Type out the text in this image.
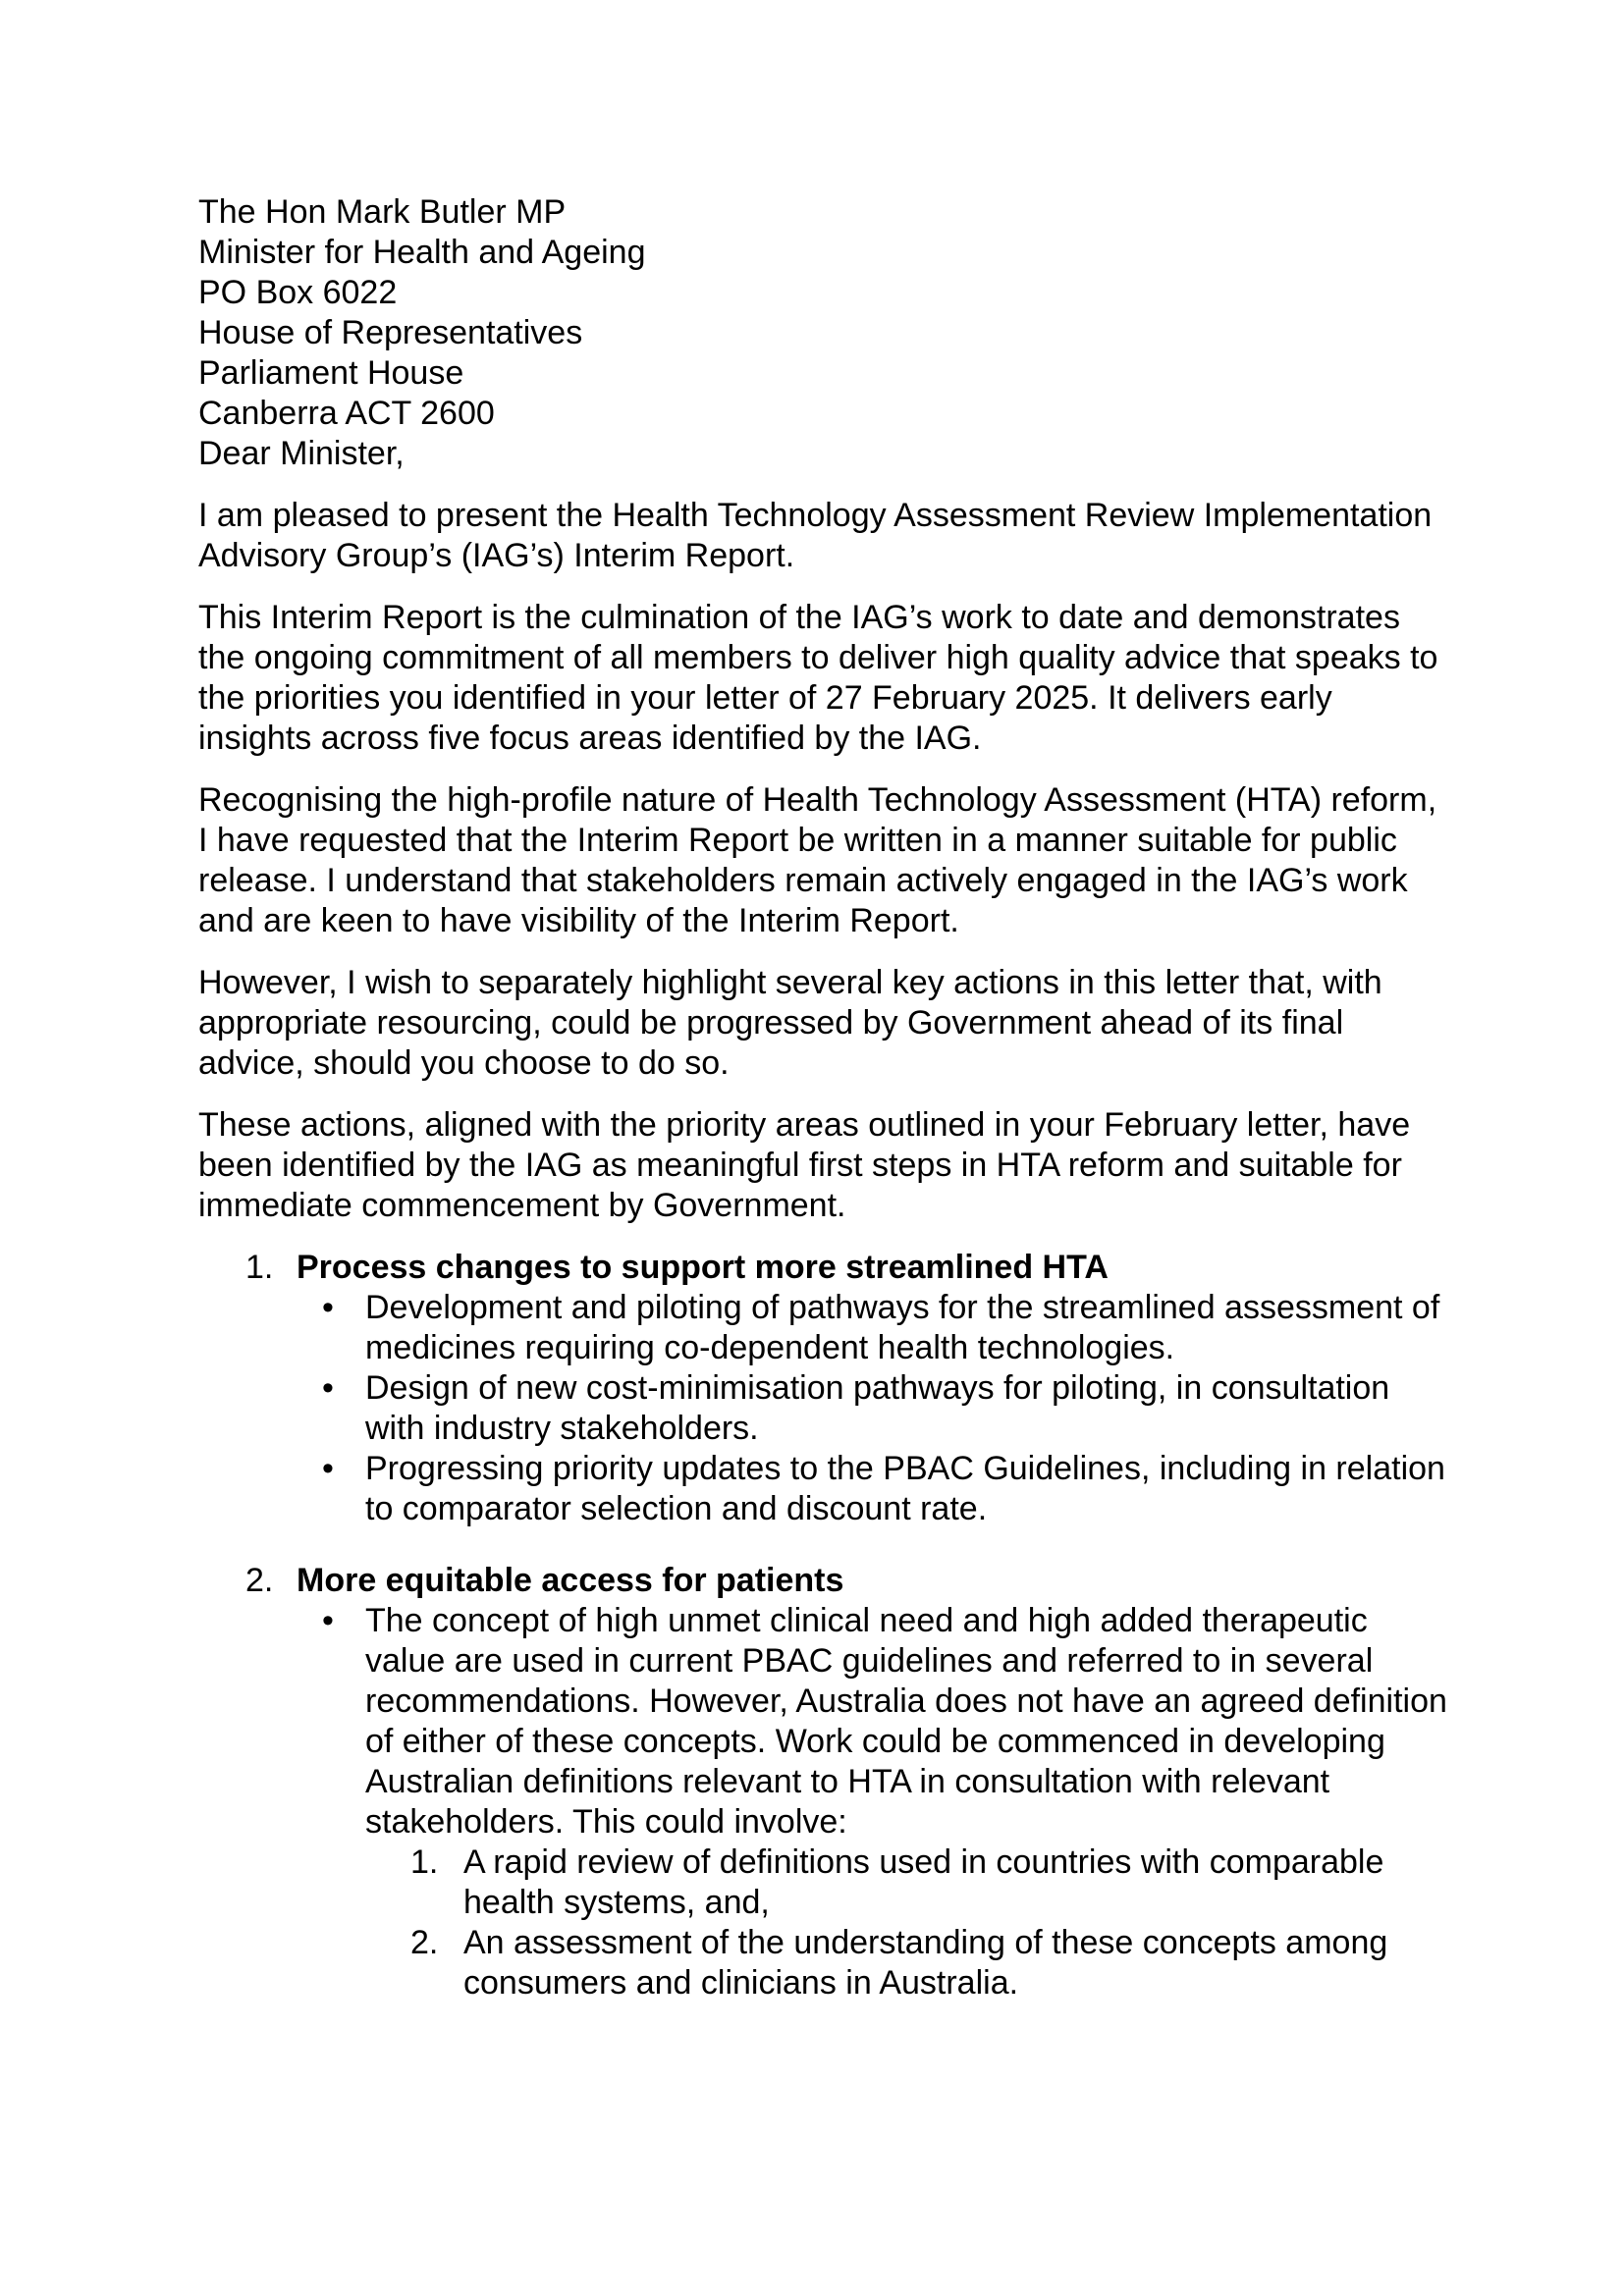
The Hon Mark Butler MP
Minister for Health and Ageing
PO Box 6022
House of Representatives
Parliament House
Canberra ACT 2600

Dear Minister,

I am pleased to present the Health Technology Assessment Review Implementation
Advisory Group’s (IAG’s) Interim Report.

This Interim Report is the culmination of the IAG’s work to date and demonstrates
the ongoing commitment of all members to deliver high quality advice that speaks to
the priorities you identified in your letter of 27 February 2025. It delivers early
insights across five focus areas identified by the IAG.

Recognising the high-profile nature of Health Technology Assessment (HTA) reform,
I have requested that the Interim Report be written in a manner suitable for public
release. I understand that stakeholders remain actively engaged in the IAG’s work
and are keen to have visibility of the Interim Report.

However, I wish to separately highlight several key actions in this letter that, with
appropriate resourcing, could be progressed by Government ahead of its final
advice, should you choose to do so.

These actions, aligned with the priority areas outlined in your February letter, have
been identified by the IAG as meaningful first steps in HTA reform and suitable for
immediate commencement by Government.

1. Process changes to support more streamlined HTA
• Development and piloting of pathways for the streamlined assessment of
medicines requiring co-dependent health technologies.
• Design of new cost-minimisation pathways for piloting, in consultation
with industry stakeholders.
• Progressing priority updates to the PBAC Guidelines, including in relation
to comparator selection and discount rate.
2. More equitable access for patients
• The concept of high unmet clinical need and high added therapeutic
value are used in current PBAC guidelines and referred to in several
recommendations. However, Australia does not have an agreed definition
of either of these concepts. Work could be commenced in developing
Australian definitions relevant to HTA in consultation with relevant
stakeholders. This could involve:
1. A rapid review of definitions used in countries with comparable
health systems, and,
2. An assessment of the understanding of these concepts among
consumers and clinicians in Australia.
